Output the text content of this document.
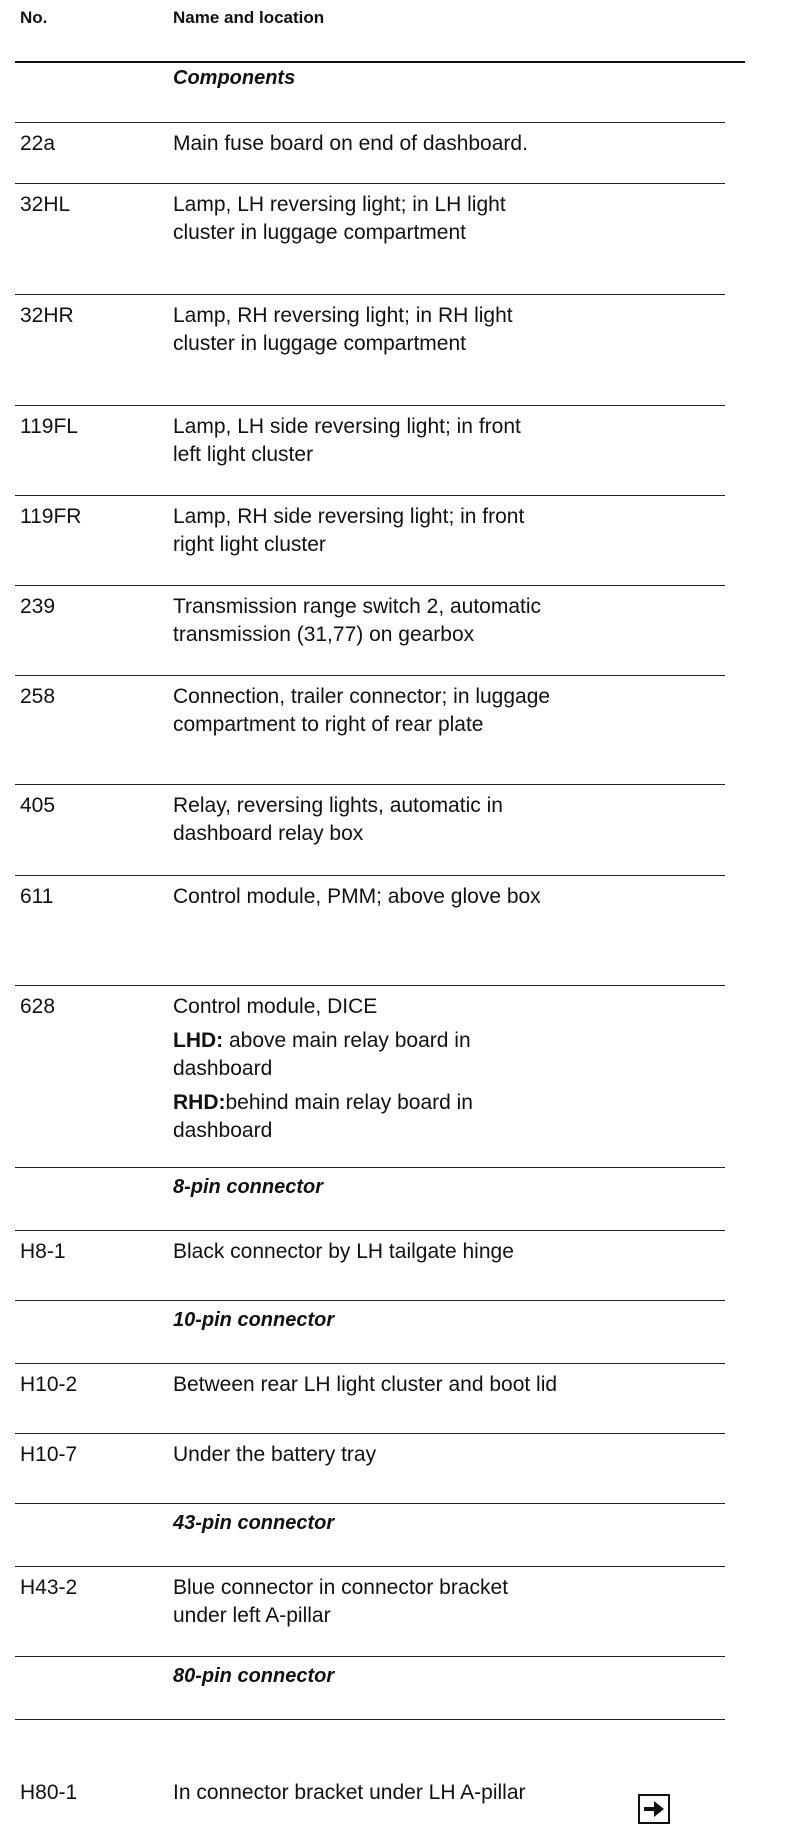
No.	Name and location
Components
22a	Main fuse board on end of dashboard.
32HL	Lamp, LH reversing light; in LH light
cluster in luggage compartment
32HR	Lamp, RH reversing light; in RH light
cluster in luggage compartment
119FL	Lamp, LH side reversing light; in front
left light cluster
119FR	Lamp, RH side reversing light; in front
right light cluster
239	Transmission range switch 2, automatic
transmission (31,77) on gearbox
258	Connection, trailer connector; in luggage
compartment to right of rear plate
405	Relay, reversing lights, automatic in
dashboard relay box
611	Control module, PMM; above glove box
628	Control module, DICE
LHD: above main relay board in
dashboard
RHD:behind main relay board in
dashboard
8-pin connector
H8-1	Black connector by LH tailgate hinge
10-pin connector
H10-2	Between rear LH light cluster and boot lid
H10-7	Under the battery tray
43-pin connector
H43-2	Blue connector in connector bracket
under left A-pillar
80-pin connector
H80-1	In connector bracket under LH A-pillar
